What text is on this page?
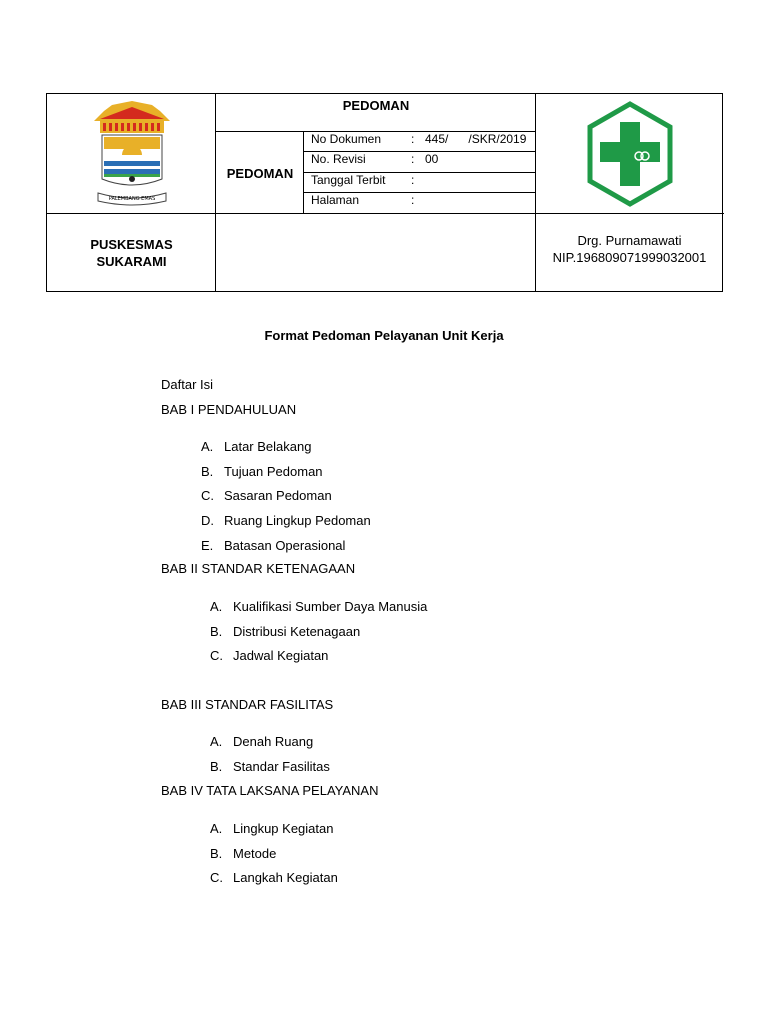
PALEMBANG EMAS
PEDOMAN
PEDOMAN
No Dokumen : 445/      /SKR/2019
No. Revisi	: 00
Tanggal Terbit :
Halaman	:
PUSKESMAS
SUKARAMI
Drg. Purnamawati
NIP.196809071999032001
Format Pedoman Pelayanan Unit Kerja
Daftar Isi
BAB I PENDAHULUAN
A. Latar Belakang
B. Tujuan Pedoman
C. Sasaran Pedoman
D. Ruang Lingkup Pedoman
E. Batasan Operasional
BAB II STANDAR KETENAGAAN
A. Kualifikasi Sumber Daya Manusia
B. Distribusi Ketenagaan
C. Jadwal Kegiatan
BAB III STANDAR FASILITAS
A. Denah Ruang
B. Standar Fasilitas
BAB IV TATA LAKSANA PELAYANAN
A. Lingkup Kegiatan
B. Metode
C. Langkah Kegiatan
